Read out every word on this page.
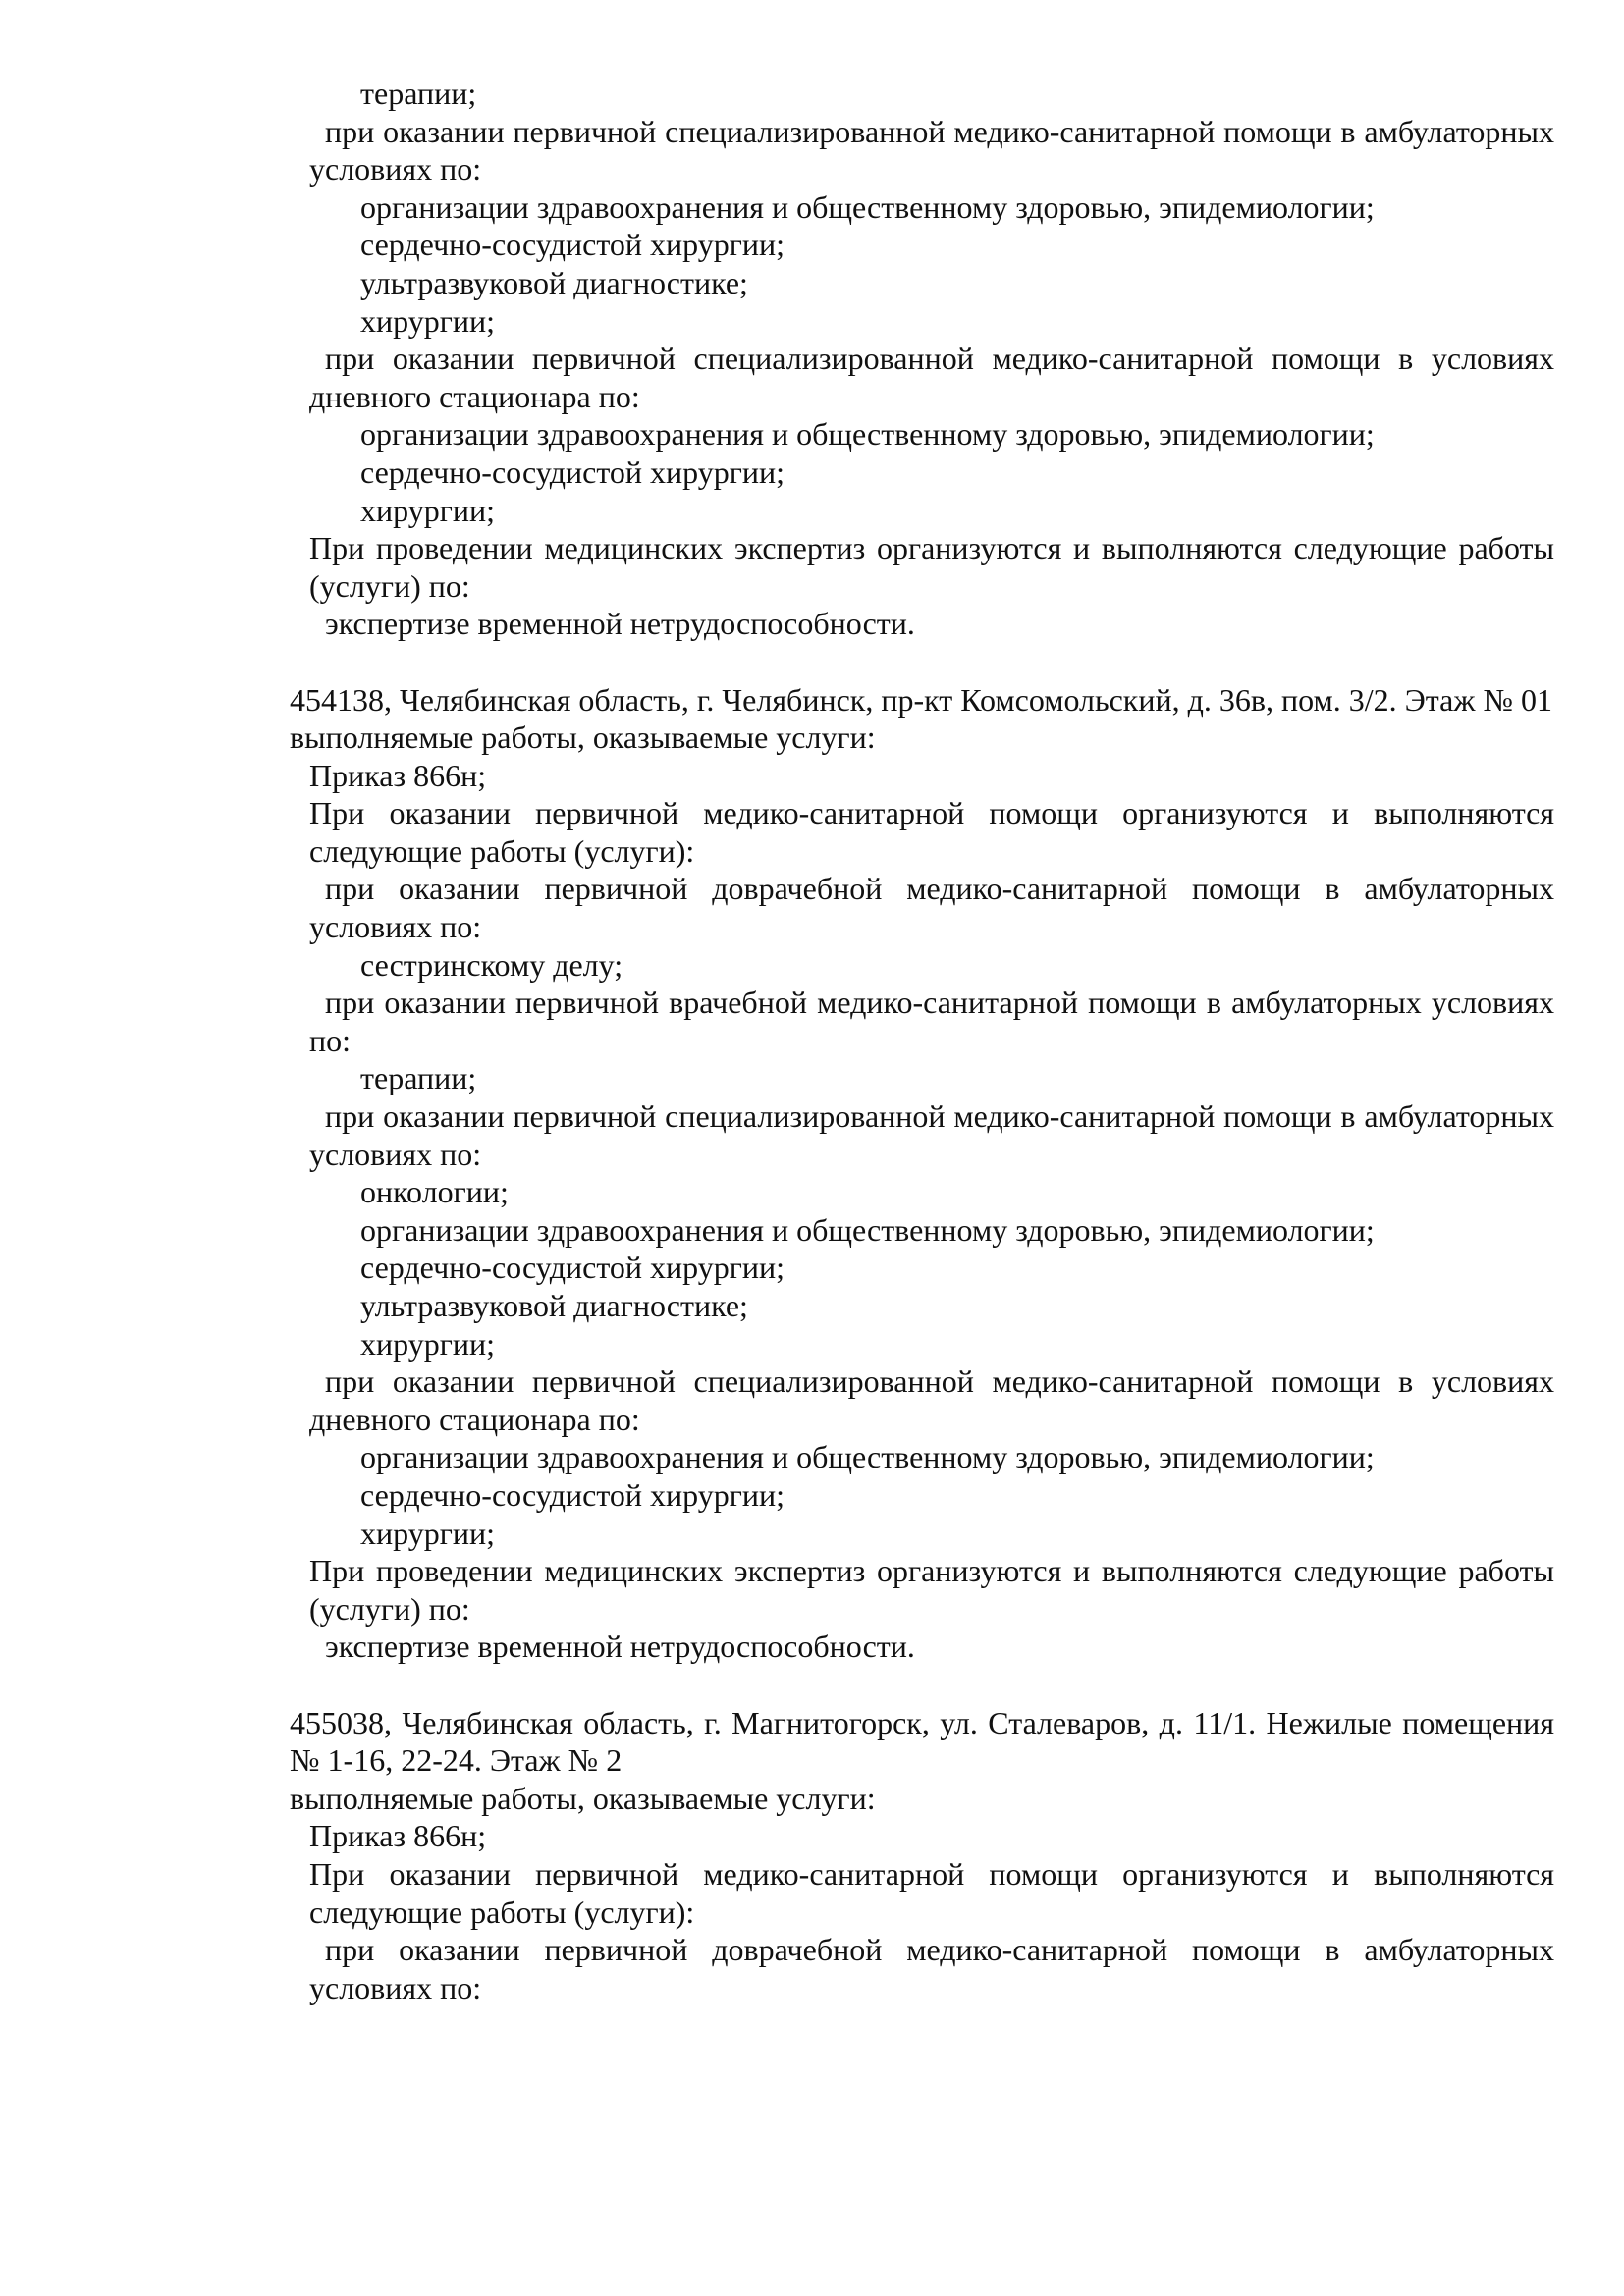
терапии;

при оказании первичной специализированной медико-санитарной помощи в амбулаторных условиях по:

организации здравоохранения и общественному здоровью, эпидемиологии;

сердечно-сосудистой хирургии;

ультразвуковой диагностике;

хирургии;

при оказании первичной специализированной медико-санитарной помощи в условиях дневного стационара по:

организации здравоохранения и общественному здоровью, эпидемиологии;

сердечно-сосудистой хирургии;

хирургии;

При проведении медицинских экспертиз организуются и выполняются следующие работы (услуги) по:

экспертизе временной нетрудоспособности.

454138, Челябинская область, г. Челябинск, пр-кт Комсомольский, д. 36в, пом. 3/2. Этаж № 01

выполняемые работы, оказываемые услуги:

Приказ 866н;

При оказании первичной медико-санитарной помощи организуются и выполняются следующие работы (услуги):

при оказании первичной доврачебной медико-санитарной помощи в амбулаторных условиях по:

сестринскому делу;

при оказании первичной врачебной медико-санитарной помощи в амбулаторных условиях по:

терапии;

при оказании первичной специализированной медико-санитарной помощи в амбулаторных условиях по:

онкологии;

организации здравоохранения и общественному здоровью, эпидемиологии;

сердечно-сосудистой хирургии;

ультразвуковой диагностике;

хирургии;

при оказании первичной специализированной медико-санитарной помощи в условиях дневного стационара по:

организации здравоохранения и общественному здоровью, эпидемиологии;

сердечно-сосудистой хирургии;

хирургии;

При проведении медицинских экспертиз организуются и выполняются следующие работы (услуги) по:

экспертизе временной нетрудоспособности.

455038, Челябинская область, г. Магнитогорск, ул. Сталеваров, д. 11/1. Нежилые помещения № 1-16, 22-24. Этаж № 2

выполняемые работы, оказываемые услуги:

Приказ 866н;

При оказании первичной медико-санитарной помощи организуются и выполняются следующие работы (услуги):

при оказании первичной доврачебной медико-санитарной помощи в амбулаторных условиях по:
